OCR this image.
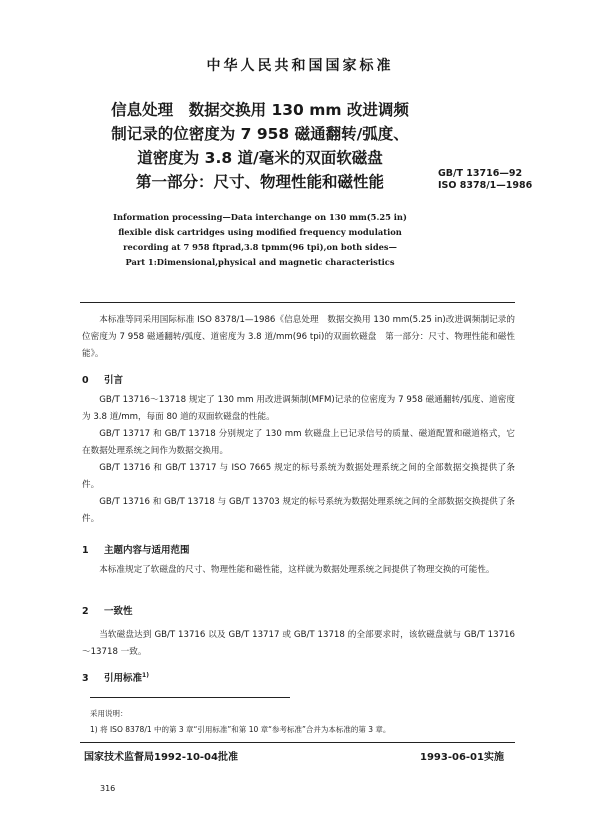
中华人民共和国国家标准
信息处理　数据交换用 130 mm 改进调频
制记录的位密度为 7 958 磁通翻转/弧度、
道密度为 3.8 道/毫米的双面软磁盘
第一部分：尺寸、物理性能和磁性能	GB/T 13716—92
ISO 8378/1—1986
Information processing—Data interchange on 130 mm(5.25 in)
flexible disk cartridges using modified frequency modulation
recording at 7 958 ftprad,3.8 tpmm(96 tpi),on both sides—
Part 1:Dimensional,physical and magnetic characteristics

本标准等同采用国际标准 ISO 8378/1—1986《信息处理　数据交换用 130 mm(5.25 in)改进调频制记录的位密度为 7 958 磁通翻转/弧度、道密度为 3.8 道/mm(96 tpi)的双面软磁盘　第一部分：尺寸、物理性能和磁性能》。

0 引言

GB/T 13716～13718 规定了 130 mm 用改进调频制(MFM)记录的位密度为 7 958 磁通翻转/弧度、道密度为 3.8 道/mm，每面 80 道的双面软磁盘的性能。

GB/T 13717 和 GB/T 13718 分别规定了 130 mm 软磁盘上已记录信号的质量、磁道配置和磁道格式，它在数据处理系统之间作为数据交换用。

GB/T 13716 和 GB/T 13717 与 ISO 7665 规定的标号系统为数据处理系统之间的全部数据交换提供了条件。

GB/T 13716 和 GB/T 13718 与 GB/T 13703 规定的标号系统为数据处理系统之间的全部数据交换提供了条件。

1 主题内容与适用范围

本标准规定了软磁盘的尺寸、物理性能和磁性能，这样就为数据处理系统之间提供了物理交换的可能性。

2 一致性

当软磁盘达到 GB/T 13716 以及 GB/T 13717 或 GB/T 13718 的全部要求时，该软磁盘就与 GB/T 13716～13718 一致。

3 引用标准$^{1)}$
采用说明：
1) 将 ISO 8378/1 中的第 3 章“引用标准”和第 10 章“参考标准”合并为本标准的第 3 章。
国家技术监督局1992-10-04批准	1993-06-01实施
316
